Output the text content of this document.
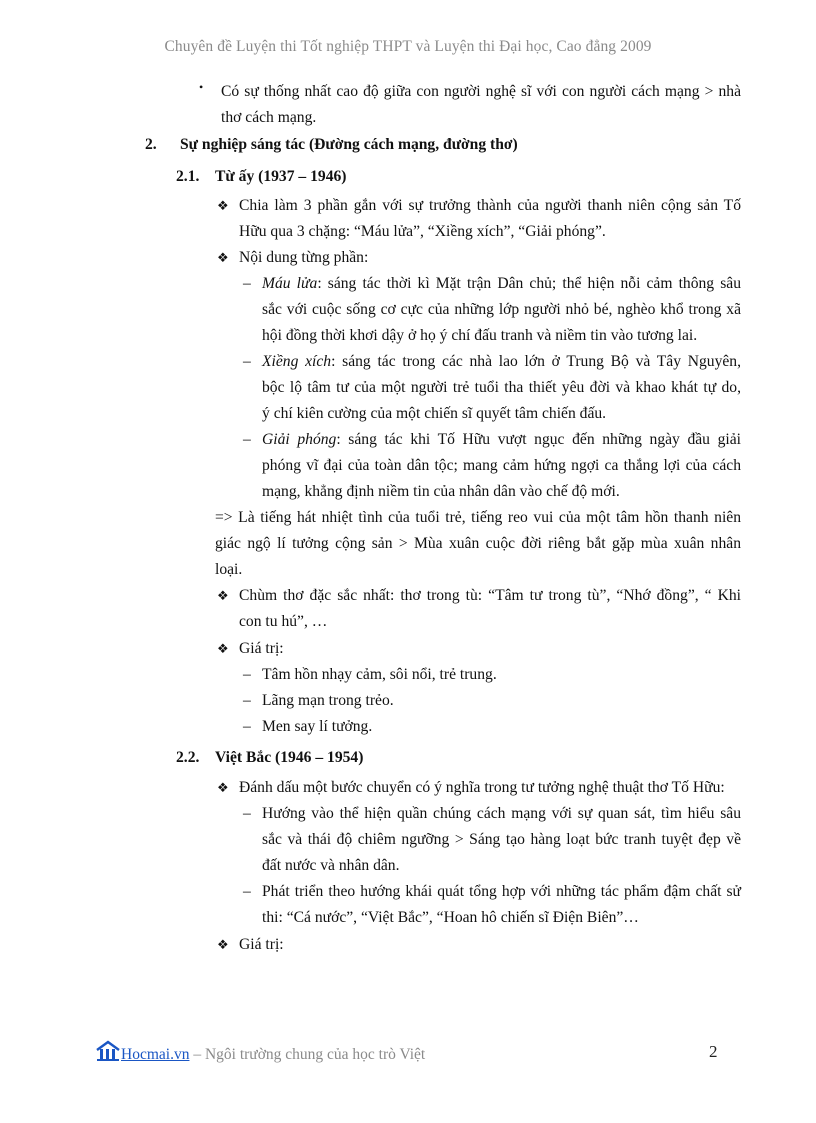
Chuyên đề Luyện thi Tốt nghiệp THPT và Luyện thi Đại học, Cao đẳng 2009
• Có sự thống nhất cao độ giữa con người nghệ sĩ với con người cách mạng > nhà
thơ cách mạng.
2. Sự nghiệp sáng tác (Đường cách mạng, đường thơ)
2.1. Từ ấy (1937 – 1946)
❖ Chia làm 3 phần gắn với sự trưởng thành của người thanh niên cộng sản Tố
Hữu qua 3 chặng: “Máu lửa”, “Xiềng xích”, “Giải phóng”.
❖ Nội dung từng phần:
– Máu lửa: sáng tác thời kì Mặt trận Dân chủ; thể hiện nỗi cảm thông sâu
sắc với cuộc sống cơ cực của những lớp người nhỏ bé, nghèo khổ trong xã
hội đồng thời khơi dậy ở họ ý chí đấu tranh và niềm tin vào tương lai.
– Xiềng xích: sáng tác trong các nhà lao lớn ở Trung Bộ và Tây Nguyên,
bộc lộ tâm tư của một người trẻ tuổi tha thiết yêu đời và khao khát tự do,
ý chí kiên cường của một chiến sĩ quyết tâm chiến đấu.
– Giải phóng: sáng tác khi Tố Hữu vượt ngục đến những ngày đầu giải
phóng vĩ đại của toàn dân tộc; mang cảm hứng ngợi ca thắng lợi của cách
mạng, khẳng định niềm tin của nhân dân vào chế độ mới.
=> Là tiếng hát nhiệt tình của tuổi trẻ, tiếng reo vui của một tâm hồn thanh niên
giác ngộ lí tưởng cộng sản > Mùa xuân cuộc đời riêng bắt gặp mùa xuân nhân
loại.
❖ Chùm thơ đặc sắc nhất: thơ trong tù: “Tâm tư trong tù”, “Nhớ đồng”, “ Khi
con tu hú”, …
❖ Giá trị:
– Tâm hồn nhạy cảm, sôi nổi, trẻ trung.
– Lãng mạn trong trẻo.
– Men say lí tưởng.
2.2. Việt Bắc (1946 – 1954)
❖ Đánh dấu một bước chuyển có ý nghĩa trong tư tưởng nghệ thuật thơ Tố Hữu:
– Hướng vào thể hiện quần chúng cách mạng với sự quan sát, tìm hiểu sâu
sắc và thái độ chiêm ngưỡng > Sáng tạo hàng loạt bức tranh tuyệt đẹp về
đất nước và nhân dân.
– Phát triển theo hướng khái quát tổng hợp với những tác phẩm đậm chất sử
thi: “Cá nước”, “Việt Bắc”, “Hoan hô chiến sĩ Điện Biên”…
❖ Giá trị:
Hocmai.vn – Ngôi trường chung của học trò Việt	2
